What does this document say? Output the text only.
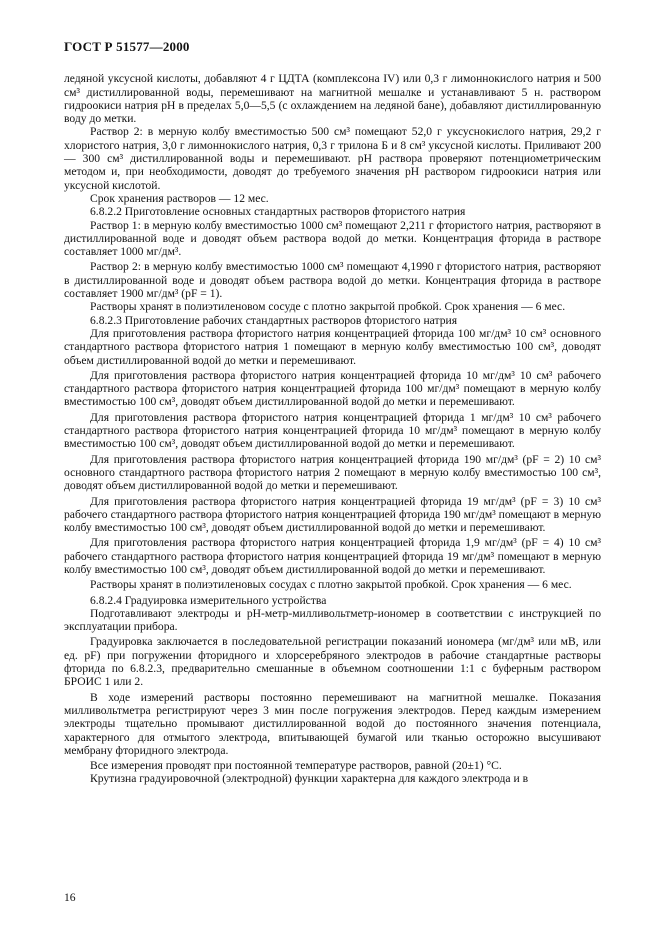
ГОСТ Р 51577—2000

ледяной уксусной кислоты, добавляют 4 г ЦДТА (комплексона IV) или 0,3 г лимоннокислого натрия и 500 см³ дистиллированной воды, перемешивают на магнитной мешалке и устанавливают 5 н. раствором гидроокиси натрия рН в пределах 5,0—5,5 (с охлаждением на ледяной бане), добавляют дистиллированную воду до метки.

Раствор 2: в мерную колбу вместимостью 500 см³ помещают 52,0 г уксуснокислого натрия, 29,2 г хлористого натрия, 3,0 г лимоннокислого натрия, 0,3 г трилона Б и 8 см³ уксусной кислоты. Приливают 200 — 300 см³ дистиллированной воды и перемешивают. рН раствора проверяют потенциометрическим методом и, при необходимости, доводят до требуемого значения рН раствором гидроокиси натрия или уксусной кислотой.

Срок хранения растворов — 12 мес.

6.8.2.2 Приготовление основных стандартных растворов фтористого натрия

Раствор 1: в мерную колбу вместимостью 1000 см³ помещают 2,211 г фтористого натрия, растворяют в дистиллированной воде и доводят объем раствора водой до метки. Концентрация фторида в растворе составляет 1000 мг/дм³.

Раствор 2: в мерную колбу вместимостью 1000 см³ помещают 4,1990 г фтористого натрия, растворяют в дистиллированной воде и доводят объем раствора водой до метки. Концентрация фторида в растворе составляет 1900 мг/дм³ (pF = 1).

Растворы хранят в полиэтиленовом сосуде с плотно закрытой пробкой. Срок хранения — 6 мес.

6.8.2.3 Приготовление рабочих стандартных растворов фтористого натрия

Для приготовления раствора фтористого натрия концентрацией фторида 100 мг/дм³ 10 см³ основного стандартного раствора фтористого натрия 1 помещают в мерную колбу вместимостью 100 см³, доводят объем дистиллированной водой до метки и перемешивают.

Для приготовления раствора фтористого натрия концентрацией фторида 10 мг/дм³ 10 см³ рабочего стандартного раствора фтористого натрия концентрацией фторида 100 мг/дм³ помещают в мерную колбу вместимостью 100 см³, доводят объем дистиллированной водой до метки и перемешивают.

Для приготовления раствора фтористого натрия концентрацией фторида 1 мг/дм³ 10 см³ рабочего стандартного раствора фтористого натрия концентрацией фторида 10 мг/дм³ помещают в мерную колбу вместимостью 100 см³, доводят объем дистиллированной водой до метки и перемешивают.

Для приготовления раствора фтористого натрия концентрацией фторида 190 мг/дм³ (pF = 2) 10 см³ основного стандартного раствора фтористого натрия 2 помещают в мерную колбу вместимостью 100 см³, доводят объем дистиллированной водой до метки и перемешивают.

Для приготовления раствора фтористого натрия концентрацией фторида 19 мг/дм³ (pF = 3) 10 см³ рабочего стандартного раствора фтористого натрия концентрацией фторида 190 мг/дм³ помещают в мерную колбу вместимостью 100 см³, доводят объем дистиллированной водой до метки и перемешивают.

Для приготовления раствора фтористого натрия концентрацией фторида 1,9 мг/дм³ (pF = 4) 10 см³ рабочего стандартного раствора фтористого натрия концентрацией фторида 19 мг/дм³ помещают в мерную колбу вместимостью 100 см³, доводят объем дистиллированной водой до метки и перемешивают.

Растворы хранят в полиэтиленовых сосудах с плотно закрытой пробкой. Срок хранения — 6 мес.

6.8.2.4 Градуировка измерительного устройства

Подготавливают электроды и рН-метр-милливольтметр-иономер в соответствии с инструкцией по эксплуатации прибора.

Градуировка заключается в последовательной регистрации показаний иономера (мг/дм³ или мВ, или ед. pF) при погружении фторидного и хлорсеребряного электродов в рабочие стандартные растворы фторида по 6.8.2.3, предварительно смешанные в объемном соотношении 1:1 с буферным раствором БРОИС 1 или 2.

В ходе измерений растворы постоянно перемешивают на магнитной мешалке. Показания милливольтметра регистрируют через 3 мин после погружения электродов. Перед каждым измерением электроды тщательно промывают дистиллированной водой до постоянного значения потенциала, характерного для отмытого электрода, впитывающей бумагой или тканью осторожно высушивают мембрану фторидного электрода.

Все измерения проводят при постоянной температуре растворов, равной (20±1) °С.

Крутизна градуировочной (электродной) функции характерна для каждого электрода и в

16
